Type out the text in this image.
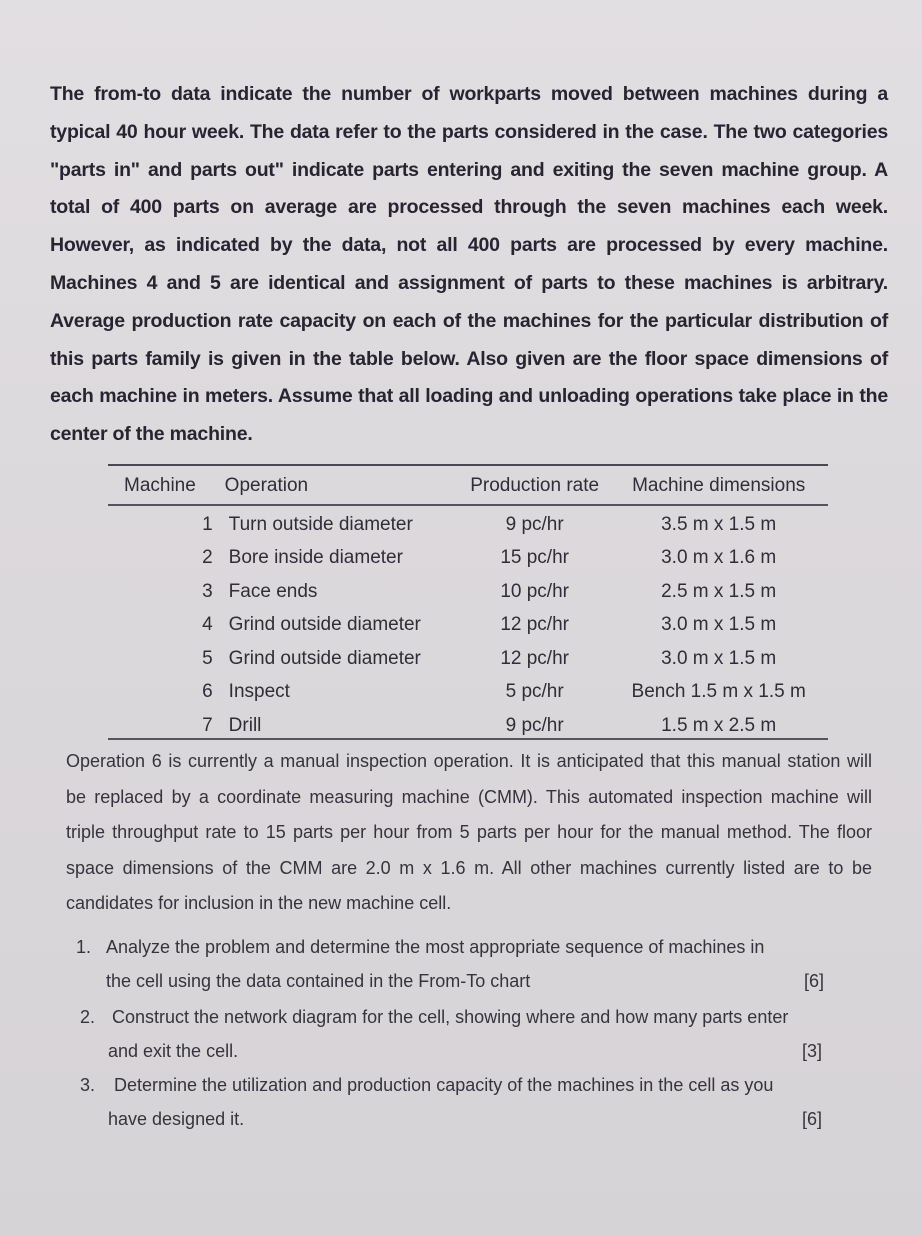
The from-to data indicate the number of workparts moved between machines during a typical 40 hour week. The data refer to the parts considered in the case. The two categories "parts in" and parts out" indicate parts entering and exiting the seven machine group. A total of 400 parts on average are processed through the seven machines each week. However, as indicated by the data, not all 400 parts are processed by every machine. Machines 4 and 5 are identical and assignment of parts to these machines is arbitrary. Average production rate capacity on each of the machines for the particular distribution of this parts family is given in the table below. Also given are the floor space dimensions of each machine in meters. Assume that all loading and unloading operations take place in the center of the machine.
Machine	Operation	Production rate	Machine dimensions
1	Turn outside diameter	9 pc/hr	3.5 m x 1.5 m
2	Bore inside diameter	15 pc/hr	3.0 m x 1.6 m
3	Face ends	10 pc/hr	2.5 m x 1.5 m
4	Grind outside diameter	12 pc/hr	3.0 m x 1.5 m
5	Grind outside diameter	12 pc/hr	3.0 m x 1.5 m
6	Inspect	5 pc/hr	Bench 1.5 m x 1.5 m
7	Drill	9 pc/hr	1.5 m x 2.5 m
Operation 6 is currently a manual inspection operation. It is anticipated that this manual station will be replaced by a coordinate measuring machine (CMM). This automated inspection machine will triple throughput rate to 15 parts per hour from 5 parts per hour for the manual method. The floor space dimensions of the CMM are 2.0 m x 1.6 m. All other machines currently listed are to be candidates for inclusion in the new machine cell.
1. Analyze the problem and determine the most appropriate sequence of machines in
the cell using the data contained in the From-To chart	[6]
2. Construct the network diagram for the cell, showing where and how many parts enter
and exit the cell.	[3]
3. Determine the utilization and production capacity of the machines in the cell as you
have designed it.	[6]
